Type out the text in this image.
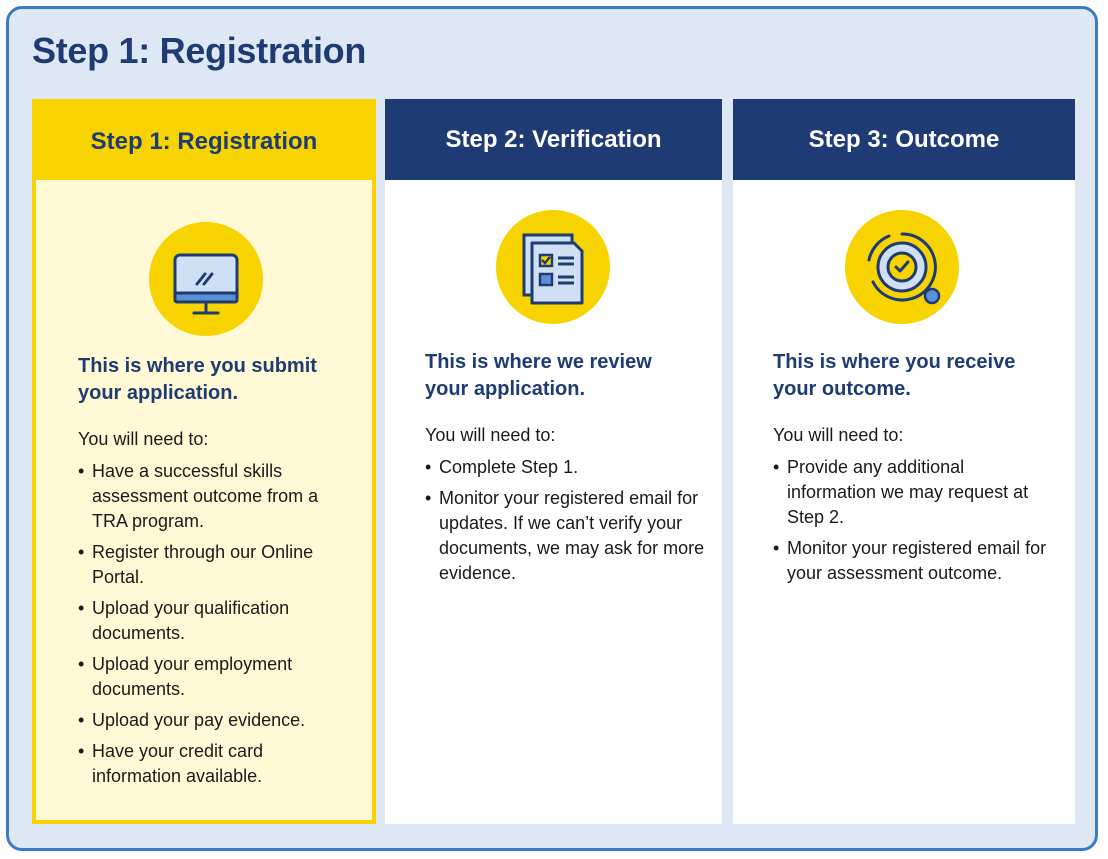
Step 1: Registration
Step 1: Registration

This is where you submit your application.

You will need to:

• Have a successful skills assessment outcome from a TRA program.
• Register through our Online Portal.
• Upload your qualification documents.
• Upload your employment documents.
• Upload your pay evidence.
• Have your credit card information available.
Step 2: Verification

This is where we review your application.

You will need to:

• Complete Step 1.
• Monitor your registered email for updates. If we can’t verify your documents, we may ask for more evidence.
Step 3: Outcome

This is where you receive your outcome.

You will need to:

• Provide any additional information we may request at Step 2.
• Monitor your registered email for your assessment outcome.
